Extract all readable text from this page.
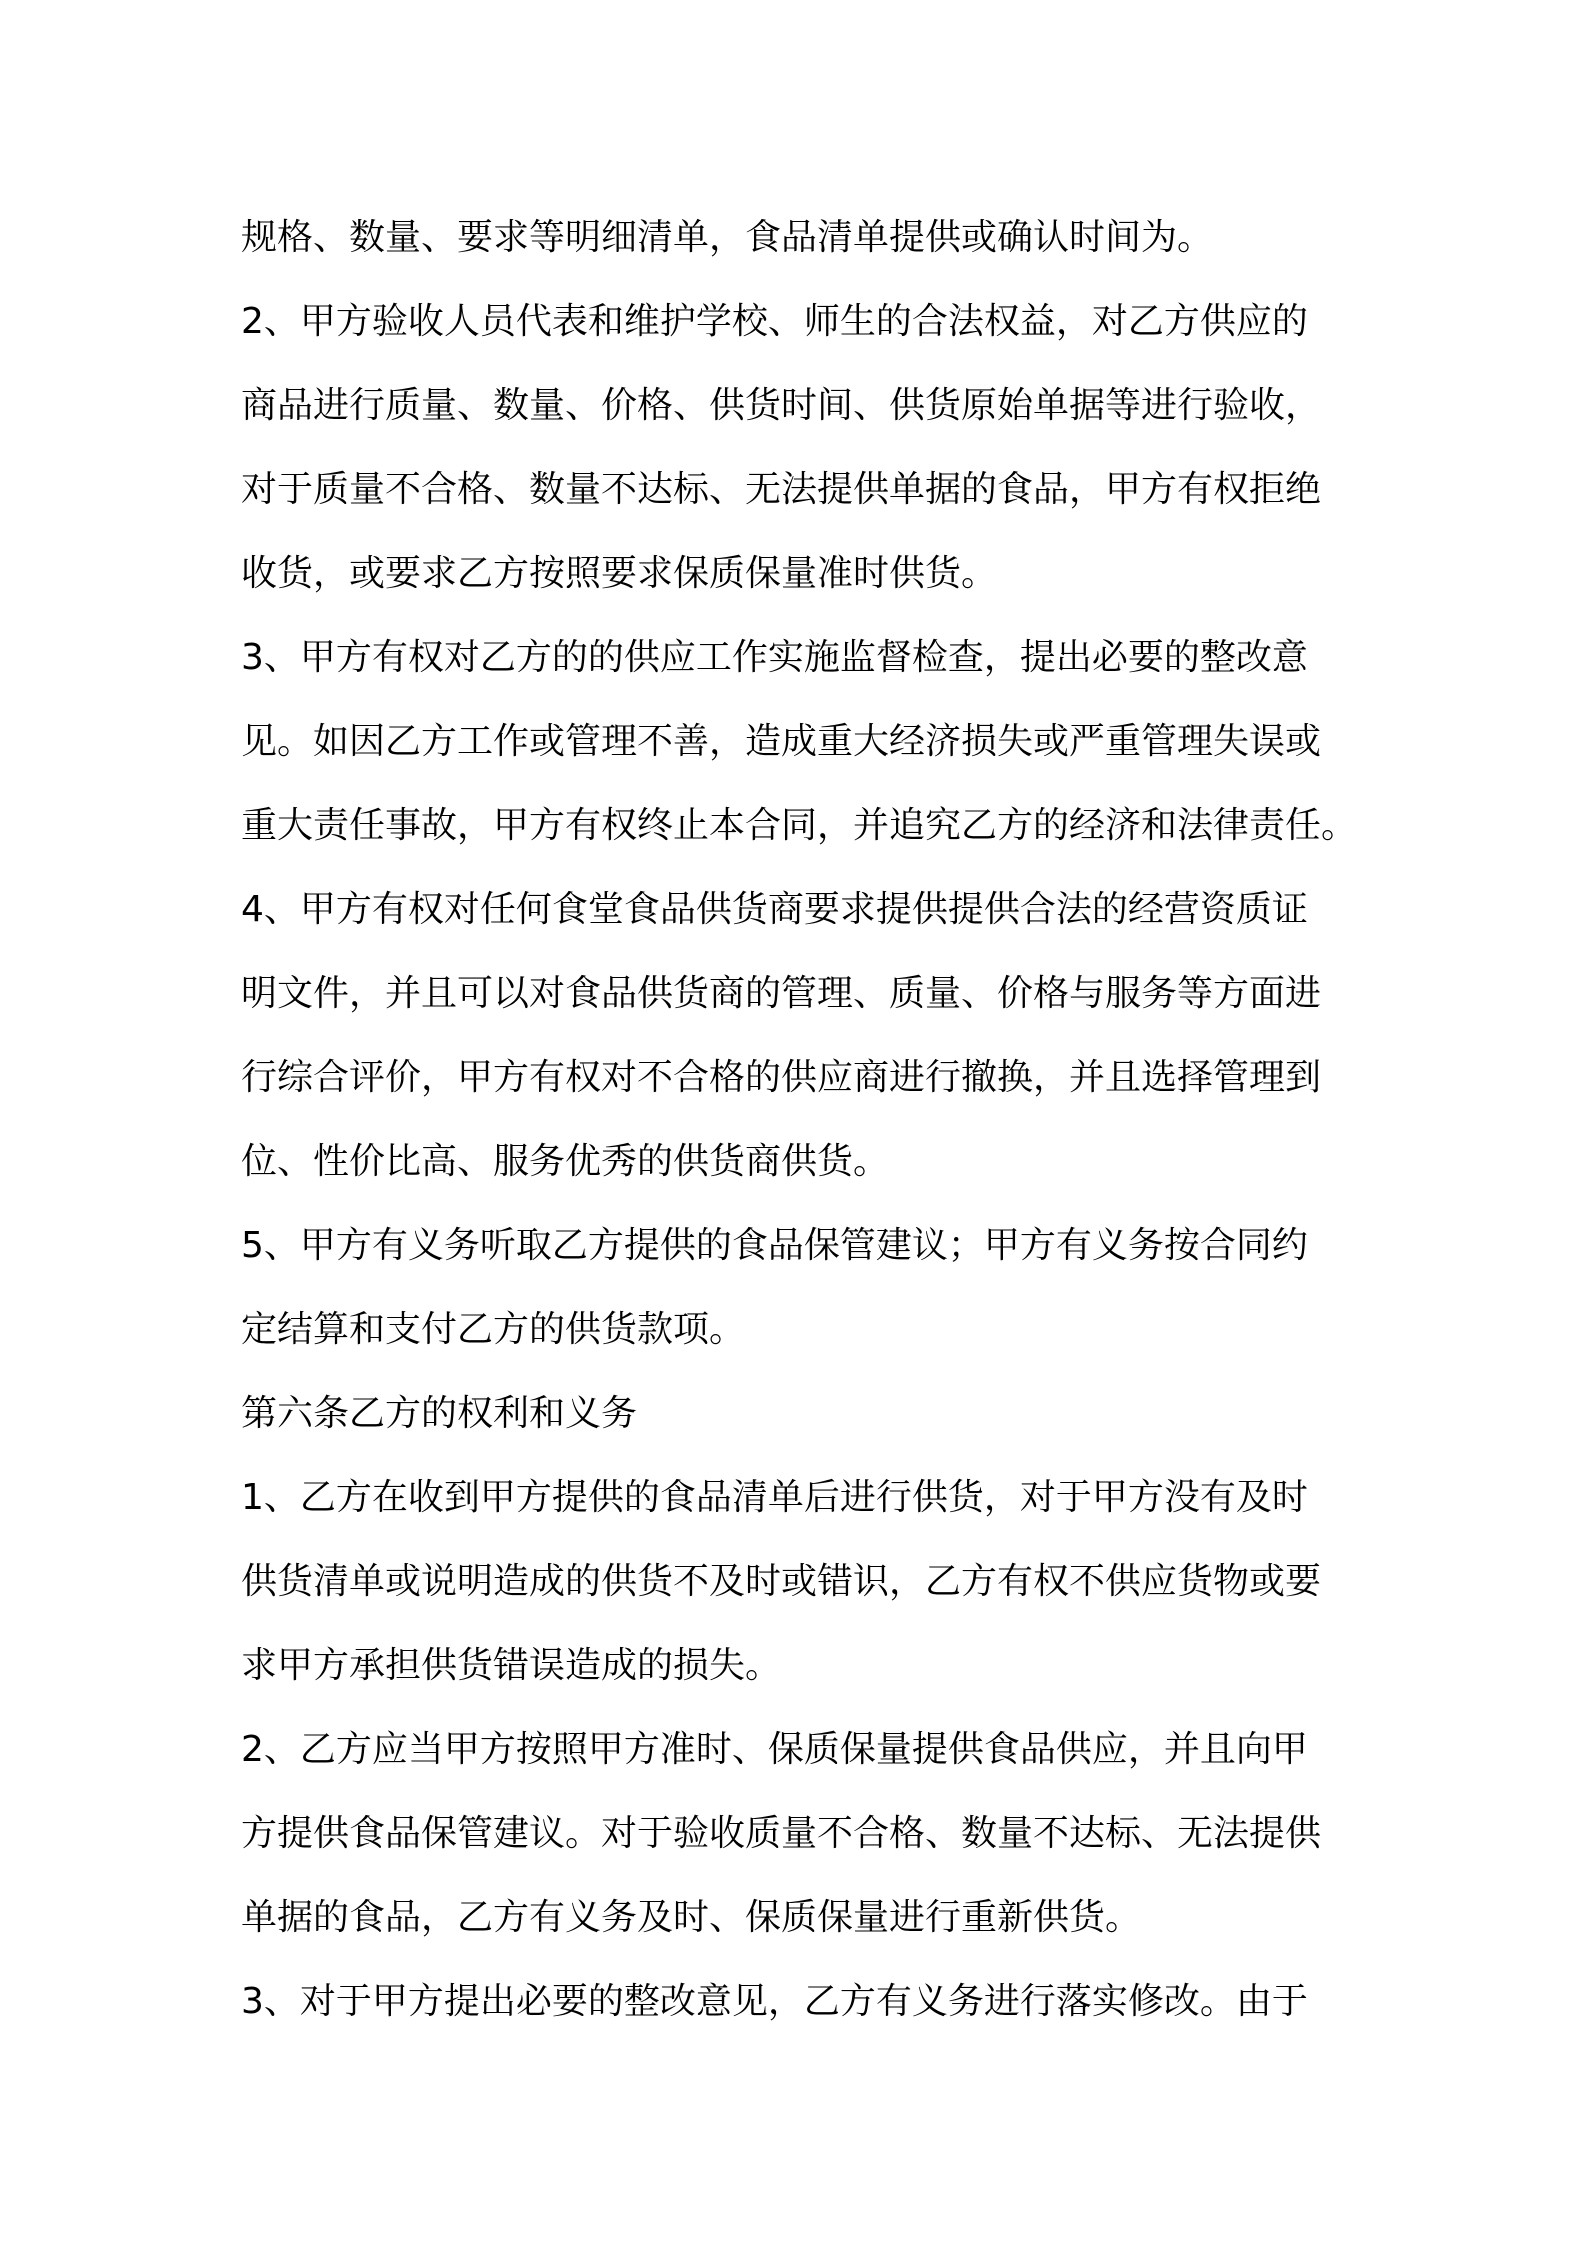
规格、数量、要求等明细清单，食品清单提供或确认时间为。
2、甲方验收人员代表和维护学校、师生的合法权益，对乙方供应的
商品进行质量、数量、价格、供货时间、供货原始单据等进行验收，
对于质量不合格、数量不达标、无法提供单据的食品，甲方有权拒绝
收货，或要求乙方按照要求保质保量准时供货。
3、甲方有权对乙方的的供应工作实施监督检查，提出必要的整改意
见。如因乙方工作或管理不善，造成重大经济损失或严重管理失误或
重大责任事故，甲方有权终止本合同，并追究乙方的经济和法律责任。
4、甲方有权对任何食堂食品供货商要求提供提供合法的经营资质证
明文件，并且可以对食品供货商的管理、质量、价格与服务等方面进
行综合评价，甲方有权对不合格的供应商进行撤换，并且选择管理到
位、性价比高、服务优秀的供货商供货。
5、甲方有义务听取乙方提供的食品保管建议；甲方有义务按合同约
定结算和支付乙方的供货款项。
第六条乙方的权利和义务
1、乙方在收到甲方提供的食品清单后进行供货，对于甲方没有及时
供货清单或说明造成的供货不及时或错识，乙方有权不供应货物或要
求甲方承担供货错误造成的损失。
2、乙方应当甲方按照甲方准时、保质保量提供食品供应，并且向甲
方提供食品保管建议。对于验收质量不合格、数量不达标、无法提供
单据的食品，乙方有义务及时、保质保量进行重新供货。
3、对于甲方提出必要的整改意见，乙方有义务进行落实修改。由于
